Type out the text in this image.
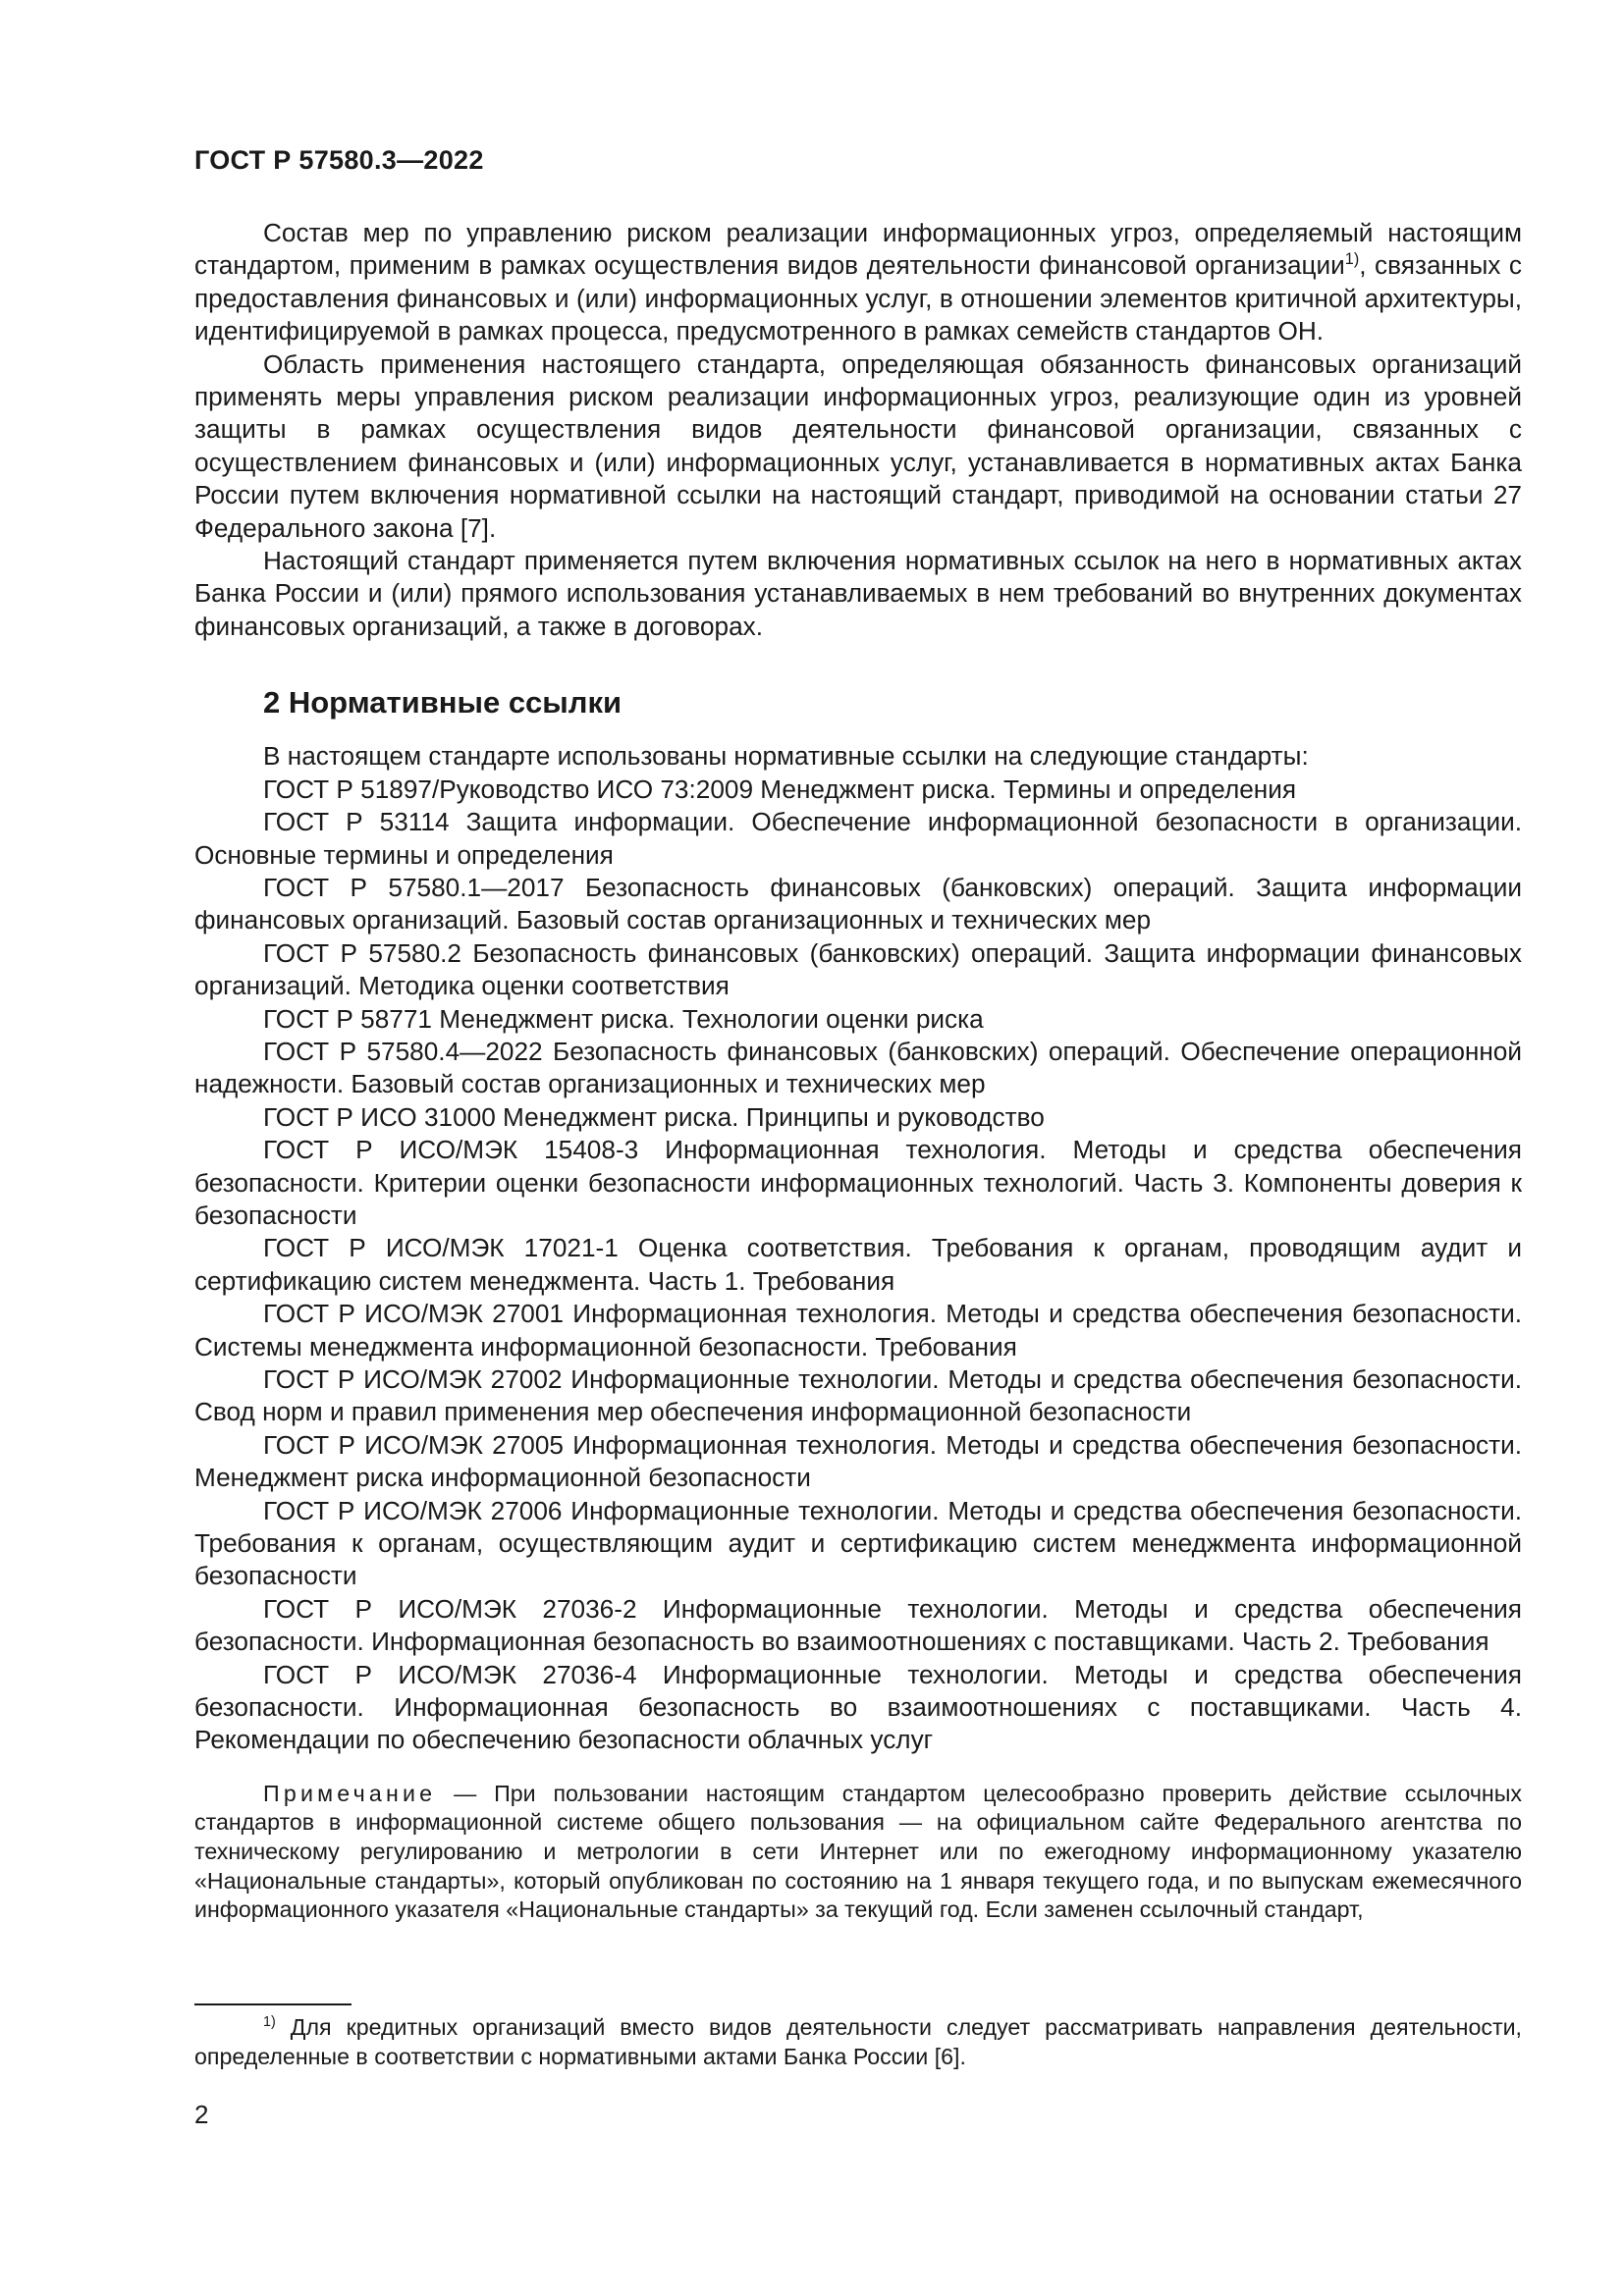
ГОСТ Р 57580.3—2022

Состав мер по управлению риском реализации информационных угроз, определяемый настоящим стандартом, применим в рамках осуществления видов деятельности финансовой организации$^{1)}$, связанных с предоставления финансовых и (или) информационных услуг, в отношении элементов критичной архитектуры, идентифицируемой в рамках процесса, предусмотренного в рамках семейств стандартов ОН.

Область применения настоящего стандарта, определяющая обязанность финансовых организаций применять меры управления риском реализации информационных угроз, реализующие один из уровней защиты в рамках осуществления видов деятельности финансовой организации, связанных с осуществлением финансовых и (или) информационных услуг, устанавливается в нормативных актах Банка России путем включения нормативной ссылки на настоящий стандарт, приводимой на основании статьи 27 Федерального закона [7].

Настоящий стандарт применяется путем включения нормативных ссылок на него в нормативных актах Банка России и (или) прямого использования устанавливаемых в нем требований во внутренних документах финансовых организаций, а также в договорах.

2 Нормативные ссылки

В настоящем стандарте использованы нормативные ссылки на следующие стандарты:

ГОСТ Р 51897/Руководство ИСО 73:2009 Менеджмент риска. Термины и определения

ГОСТ Р 53114 Защита информации. Обеспечение информационной безопасности в организации. Основные термины и определения

ГОСТ Р 57580.1—2017 Безопасность финансовых (банковских) операций. Защита информации финансовых организаций. Базовый состав организационных и технических мер

ГОСТ Р 57580.2 Безопасность финансовых (банковских) операций. Защита информации финансовых организаций. Методика оценки соответствия

ГОСТ Р 58771 Менеджмент риска. Технологии оценки риска

ГОСТ Р 57580.4—2022 Безопасность финансовых (банковских) операций. Обеспечение операционной надежности. Базовый состав организационных и технических мер

ГОСТ Р ИСО 31000 Менеджмент риска. Принципы и руководство

ГОСТ Р ИСО/МЭК 15408-3 Информационная технология. Методы и средства обеспечения безопасности. Критерии оценки безопасности информационных технологий. Часть 3. Компоненты доверия к безопасности

ГОСТ Р ИСО/МЭК 17021-1 Оценка соответствия. Требования к органам, проводящим аудит и сертификацию систем менеджмента. Часть 1. Требования

ГОСТ Р ИСО/МЭК 27001 Информационная технология. Методы и средства обеспечения безопасности. Системы менеджмента информационной безопасности. Требования

ГОСТ Р ИСО/МЭК 27002 Информационные технологии. Методы и средства обеспечения безопасности. Свод норм и правил применения мер обеспечения информационной безопасности

ГОСТ Р ИСО/МЭК 27005 Информационная технология. Методы и средства обеспечения безопасности. Менеджмент риска информационной безопасности

ГОСТ Р ИСО/МЭК 27006 Информационные технологии. Методы и средства обеспечения безопасности. Требования к органам, осуществляющим аудит и сертификацию систем менеджмента информационной безопасности

ГОСТ Р ИСО/МЭК 27036-2 Информационные технологии. Методы и средства обеспечения безопасности. Информационная безопасность во взаимоотношениях с поставщиками. Часть 2. Требования

ГОСТ Р ИСО/МЭК 27036-4 Информационные технологии. Методы и средства обеспечения безопасности. Информационная безопасность во взаимоотношениях с поставщиками. Часть 4. Рекомендации по обеспечению безопасности облачных услуг

Примечание — При пользовании настоящим стандартом целесообразно проверить действие ссылочных стандартов в информационной системе общего пользования — на официальном сайте Федерального агентства по техническому регулированию и метрологии в сети Интернет или по ежегодному информационному указателю «Национальные стандарты», который опубликован по состоянию на 1 января текущего года, и по выпускам ежемесячного информационного указателя «Национальные стандарты» за текущий год. Если заменен ссылочный стандарт,

$^{1)}$ Для кредитных организаций вместо видов деятельности следует рассматривать направления деятельности, определенные в соответствии с нормативными актами Банка России [6].

2
